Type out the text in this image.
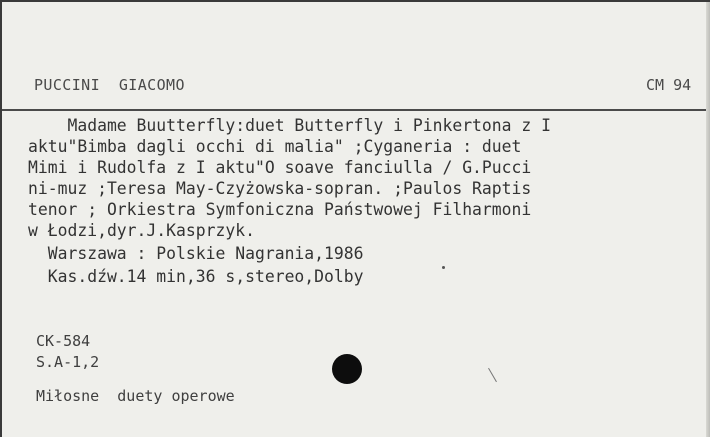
PUCCINI  GIACOMO	CM 94
Madame Buutterfly:duet Butterfly i Pinkertona z I
aktu"Bimba dagli occhi di malia" ;Cyganeria : duet
Mimi i Rudolfa z I aktu"O soave fanciulla / G.Pucci
ni-muz ;Teresa May-Czyżowska-sopran. ;Paulos Raptis
tenor ; Orkiestra Symfoniczna Państwowej Filharmoni
w Łodzi,dyr.J.Kasprzyk.
Warszawa : Polskie Nagrania,1986
Kas.dźw.14 min,36 s,stereo,Dolby
CK-584
S.A-1,2
Miłosne  duety operowe
